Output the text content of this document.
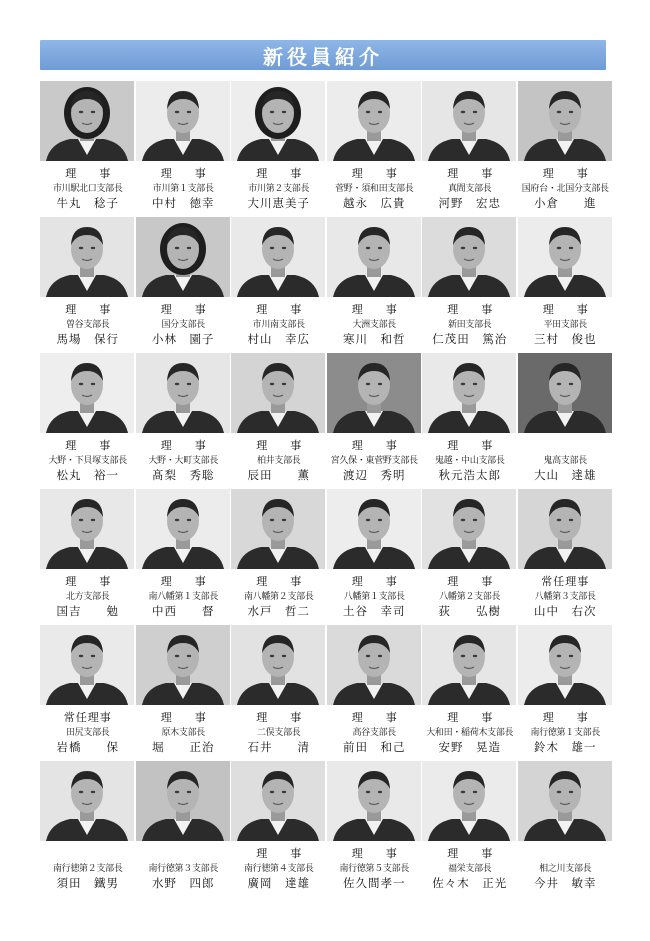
新役員紹介
理　事
市川駅北口支部長
牛丸　稔子
理　事
市川第１支部長
中村　徳幸
理　事
市川第２支部長
大川恵美子
理　事
菅野・須和田支部長
越永　広貴
理　事
真間支部長
河野　宏忠
理　事
国府台・北国分支部長
小倉　　進
理　事
曽谷支部長
馬場　保行
理　事
国分支部長
小林　園子
理　事
市川南支部長
村山　幸広
理　事
大洲支部長
寒川　和哲
理　事
新田支部長
仁茂田　篤治
理　事
平田支部長
三村　俊也
理　事
大野・下貝塚支部長
松丸　裕一
理　事
大野・大町支部長
髙梨　秀聡
理　事
柏井支部長
辰田　　薫
理　事
宮久保・東菅野支部長
渡辺　秀明
理　事
鬼越・中山支部長
秋元浩太郎
鬼高支部長
大山　達雄
理　事
北方支部長
国吉　　勉
理　事
南八幡第１支部長
中西　　督
理　事
南八幡第２支部長
水戸　哲二
理　事
八幡第１支部長
土谷　幸司
理　事
八幡第２支部長
荻　　弘樹
常任理事
八幡第３支部長
山中　右次
常任理事
田尻支部長
岩橋　　保
理　事
原木支部長
堀　　正治
理　事
二俣支部長
石井　　清
理　事
高谷支部長
前田　和己
理　事
大和田・稲荷木支部長
安野　晃造
理　事
南行徳第１支部長
鈴木　雄一
南行徳第２支部長
須田　鐵男
南行徳第３支部長
水野　四郎
理　事
南行徳第４支部長
廣岡　達雄
理　事
南行徳第５支部長
佐久間孝一
理　事
福栄支部長
佐々木　正光
相之川支部長
今井　敏幸
